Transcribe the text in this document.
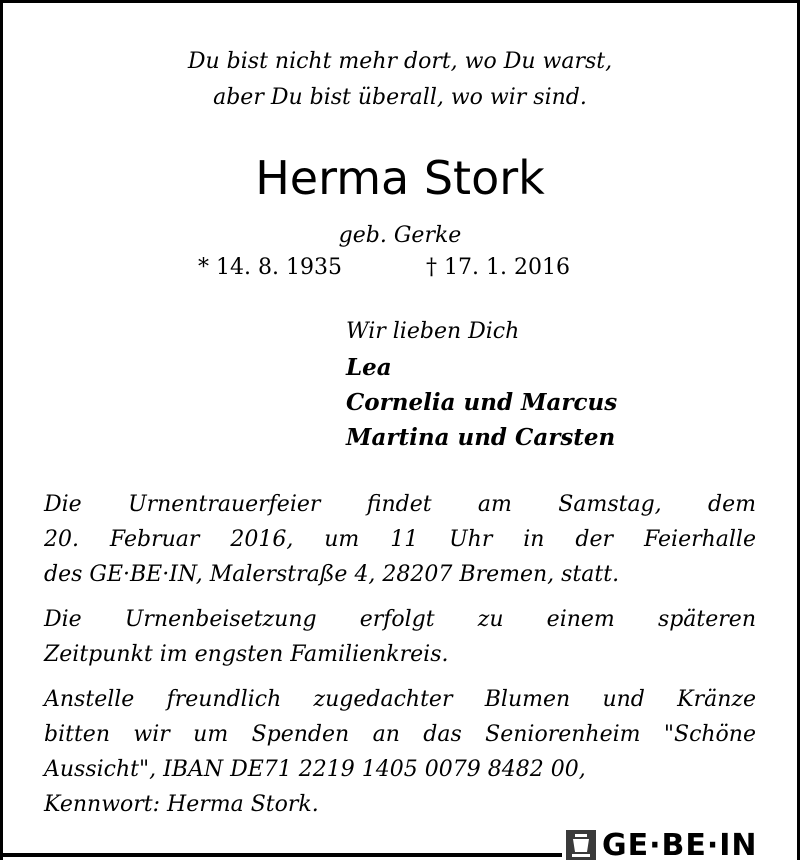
Du bist nicht mehr dort, wo Du warst,
aber Du bist überall, wo wir sind.
Herma Stork
geb. Gerke
* 14. 8. 1935	† 17. 1. 2016
Wir lieben Dich
Lea
Cornelia und Marcus
Martina und Carsten
Die Urnentrauerfeier findet am Samstag, dem
20. Februar 2016, um 11 Uhr in der Feierhalle
des GE·BE·IN, Malerstraße 4, 28207 Bremen, statt.
Die Urnenbeisetzung erfolgt zu einem späteren
Zeitpunkt im engsten Familienkreis.
Anstelle freundlich zugedachter Blumen und Kränze
bitten wir um Spenden an das Seniorenheim "Schöne
Aussicht", IBAN DE71 2219 1405 0079 8482 00,
Kennwort: Herma Stork.
GE·BE·IN
